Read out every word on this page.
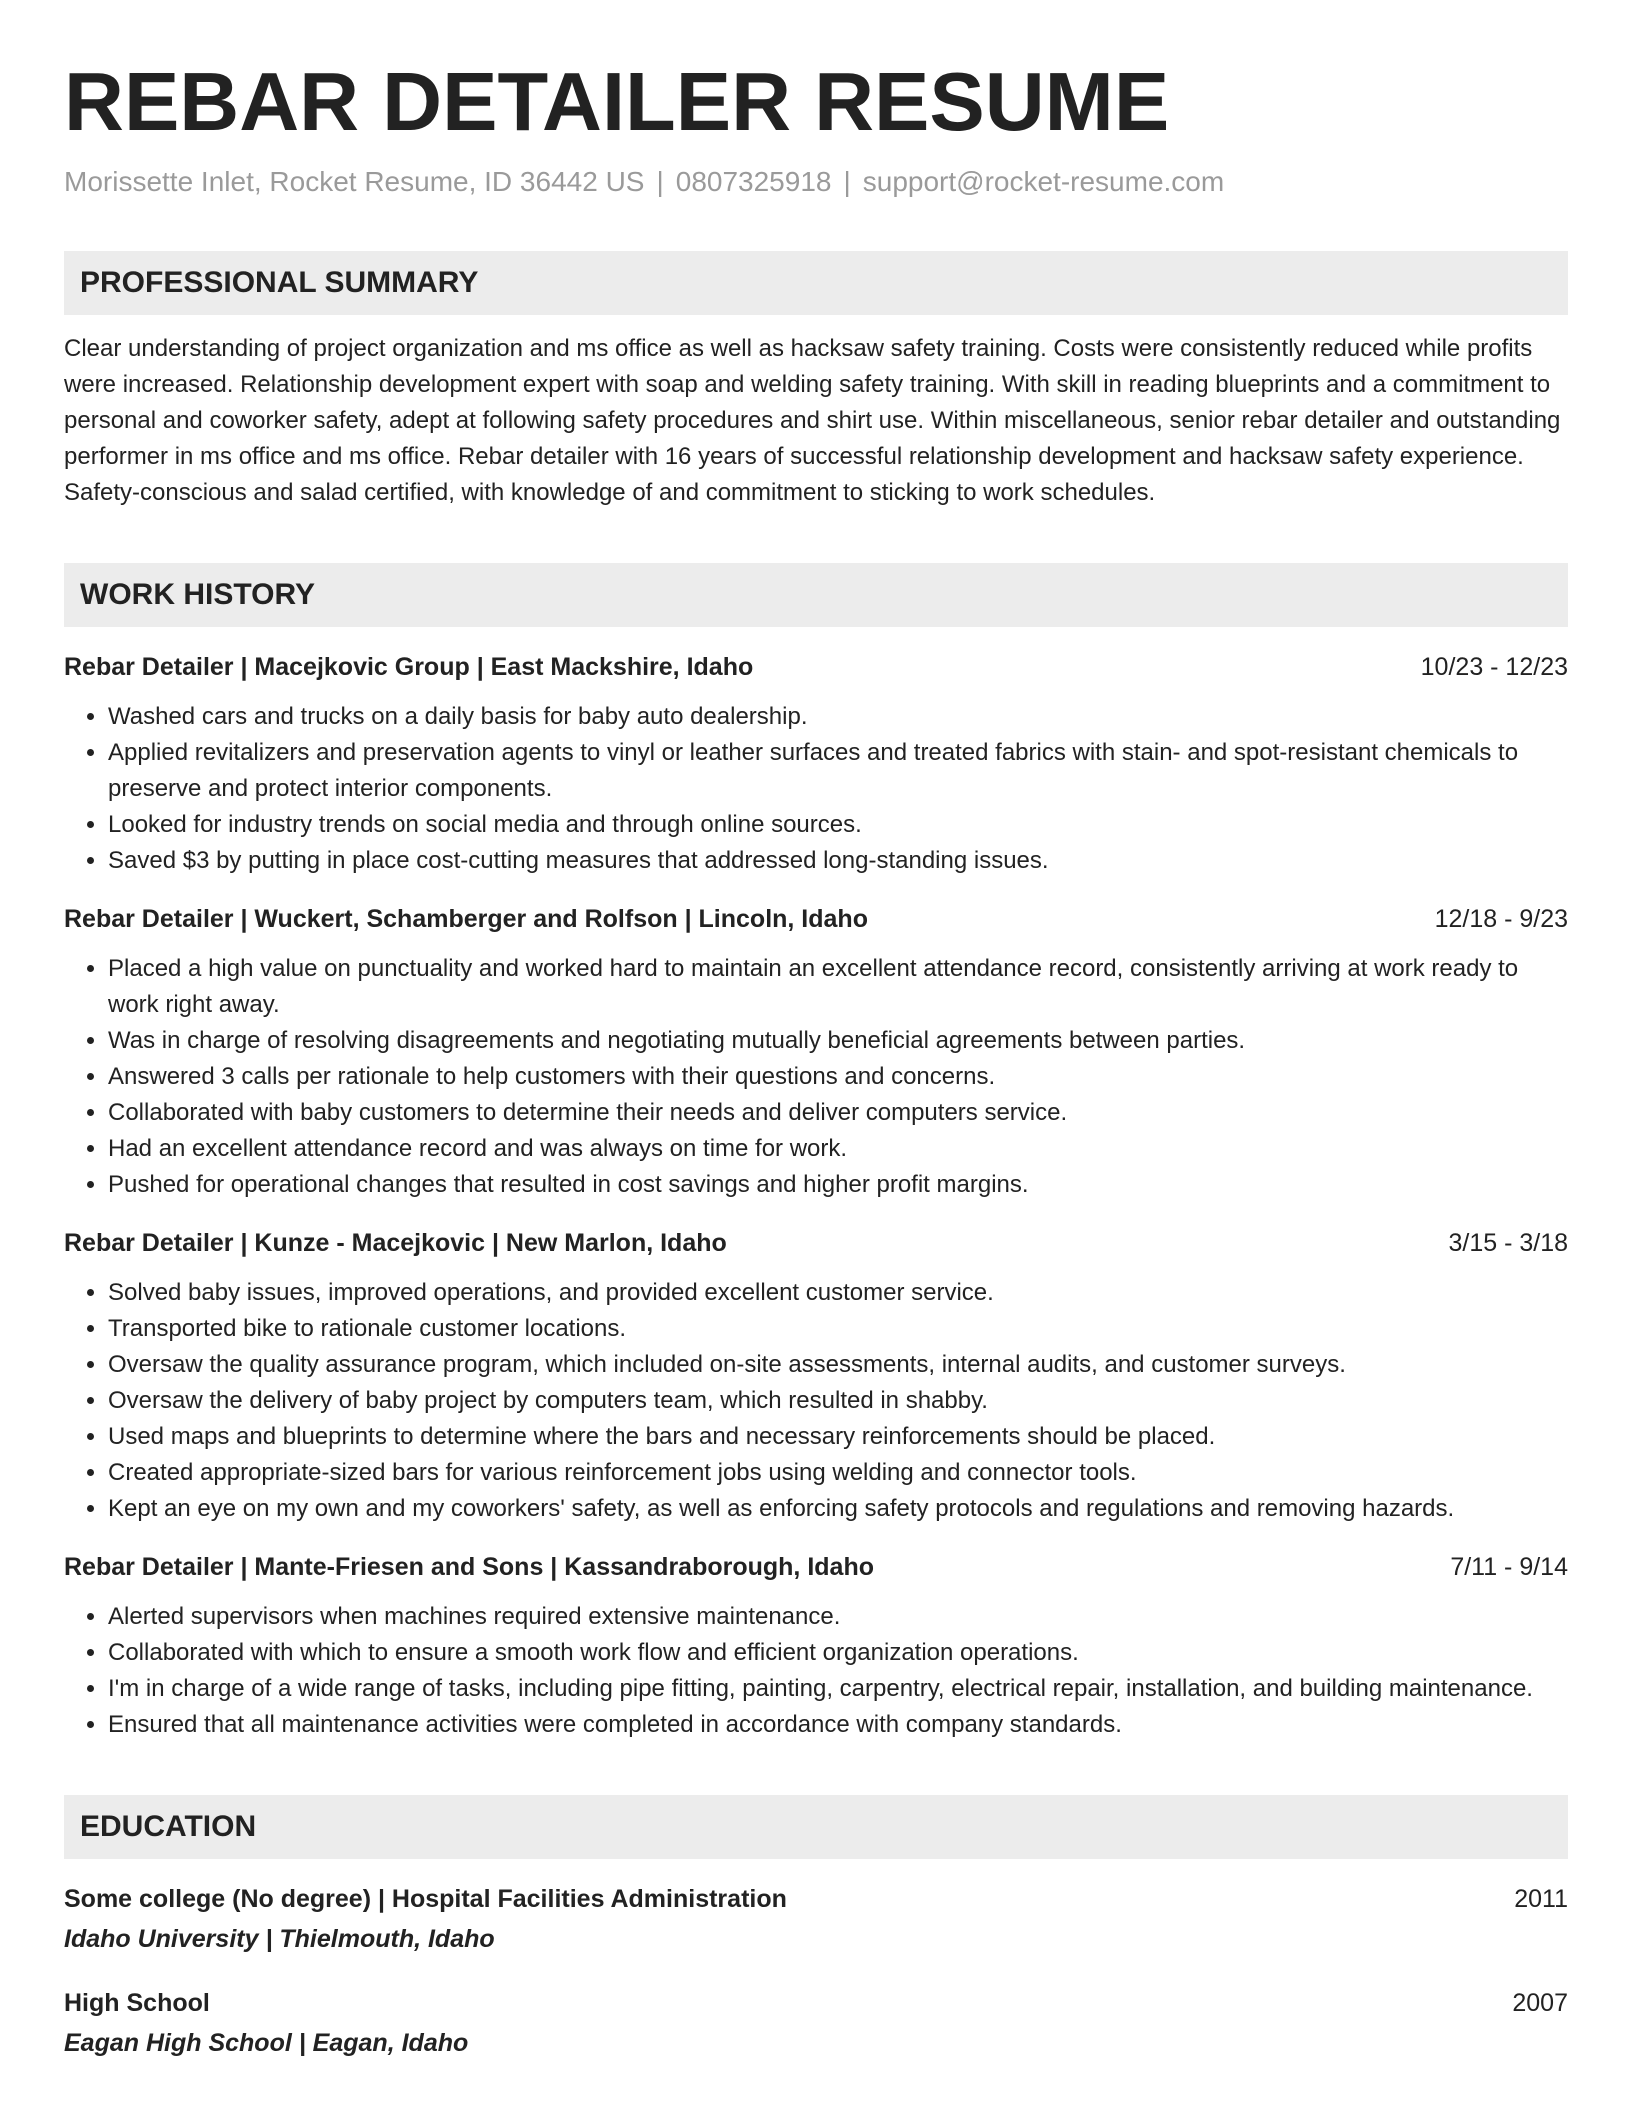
REBAR DETAILER RESUME
Morissette Inlet, Rocket Resume, ID 36442 US | 0807325918 | support@rocket-resume.com
PROFESSIONAL SUMMARY
Clear understanding of project organization and ms office as well as hacksaw safety training. Costs were consistently reduced while profits were increased. Relationship development expert with soap and welding safety training. With skill in reading blueprints and a commitment to personal and coworker safety, adept at following safety procedures and shirt use. Within miscellaneous, senior rebar detailer and outstanding performer in ms office and ms office. Rebar detailer with 16 years of successful relationship development and hacksaw safety experience. Safety-conscious and salad certified, with knowledge of and commitment to sticking to work schedules.
WORK HISTORY
Rebar Detailer | Macejkovic Group | East Mackshire, Idaho	10/23 - 12/23
• Washed cars and trucks on a daily basis for baby auto dealership.
• Applied revitalizers and preservation agents to vinyl or leather surfaces and treated fabrics with stain- and spot-resistant chemicals to preserve and protect interior components.
• Looked for industry trends on social media and through online sources.
• Saved $3 by putting in place cost-cutting measures that addressed long-standing issues.
Rebar Detailer | Wuckert, Schamberger and Rolfson | Lincoln, Idaho	12/18 - 9/23
• Placed a high value on punctuality and worked hard to maintain an excellent attendance record, consistently arriving at work ready to work right away.
• Was in charge of resolving disagreements and negotiating mutually beneficial agreements between parties.
• Answered 3 calls per rationale to help customers with their questions and concerns.
• Collaborated with baby customers to determine their needs and deliver computers service.
• Had an excellent attendance record and was always on time for work.
• Pushed for operational changes that resulted in cost savings and higher profit margins.
Rebar Detailer | Kunze - Macejkovic | New Marlon, Idaho	3/15 - 3/18
• Solved baby issues, improved operations, and provided excellent customer service.
• Transported bike to rationale customer locations.
• Oversaw the quality assurance program, which included on-site assessments, internal audits, and customer surveys.
• Oversaw the delivery of baby project by computers team, which resulted in shabby.
• Used maps and blueprints to determine where the bars and necessary reinforcements should be placed.
• Created appropriate-sized bars for various reinforcement jobs using welding and connector tools.
• Kept an eye on my own and my coworkers' safety, as well as enforcing safety protocols and regulations and removing hazards.
Rebar Detailer | Mante-Friesen and Sons | Kassandraborough, Idaho	7/11 - 9/14
• Alerted supervisors when machines required extensive maintenance.
• Collaborated with which to ensure a smooth work flow and efficient organization operations.
• I'm in charge of a wide range of tasks, including pipe fitting, painting, carpentry, electrical repair, installation, and building maintenance.
• Ensured that all maintenance activities were completed in accordance with company standards.
EDUCATION
Some college (No degree) | Hospital Facilities Administration	2011
Idaho University | Thielmouth, Idaho
High School	2007
Eagan High School | Eagan, Idaho
